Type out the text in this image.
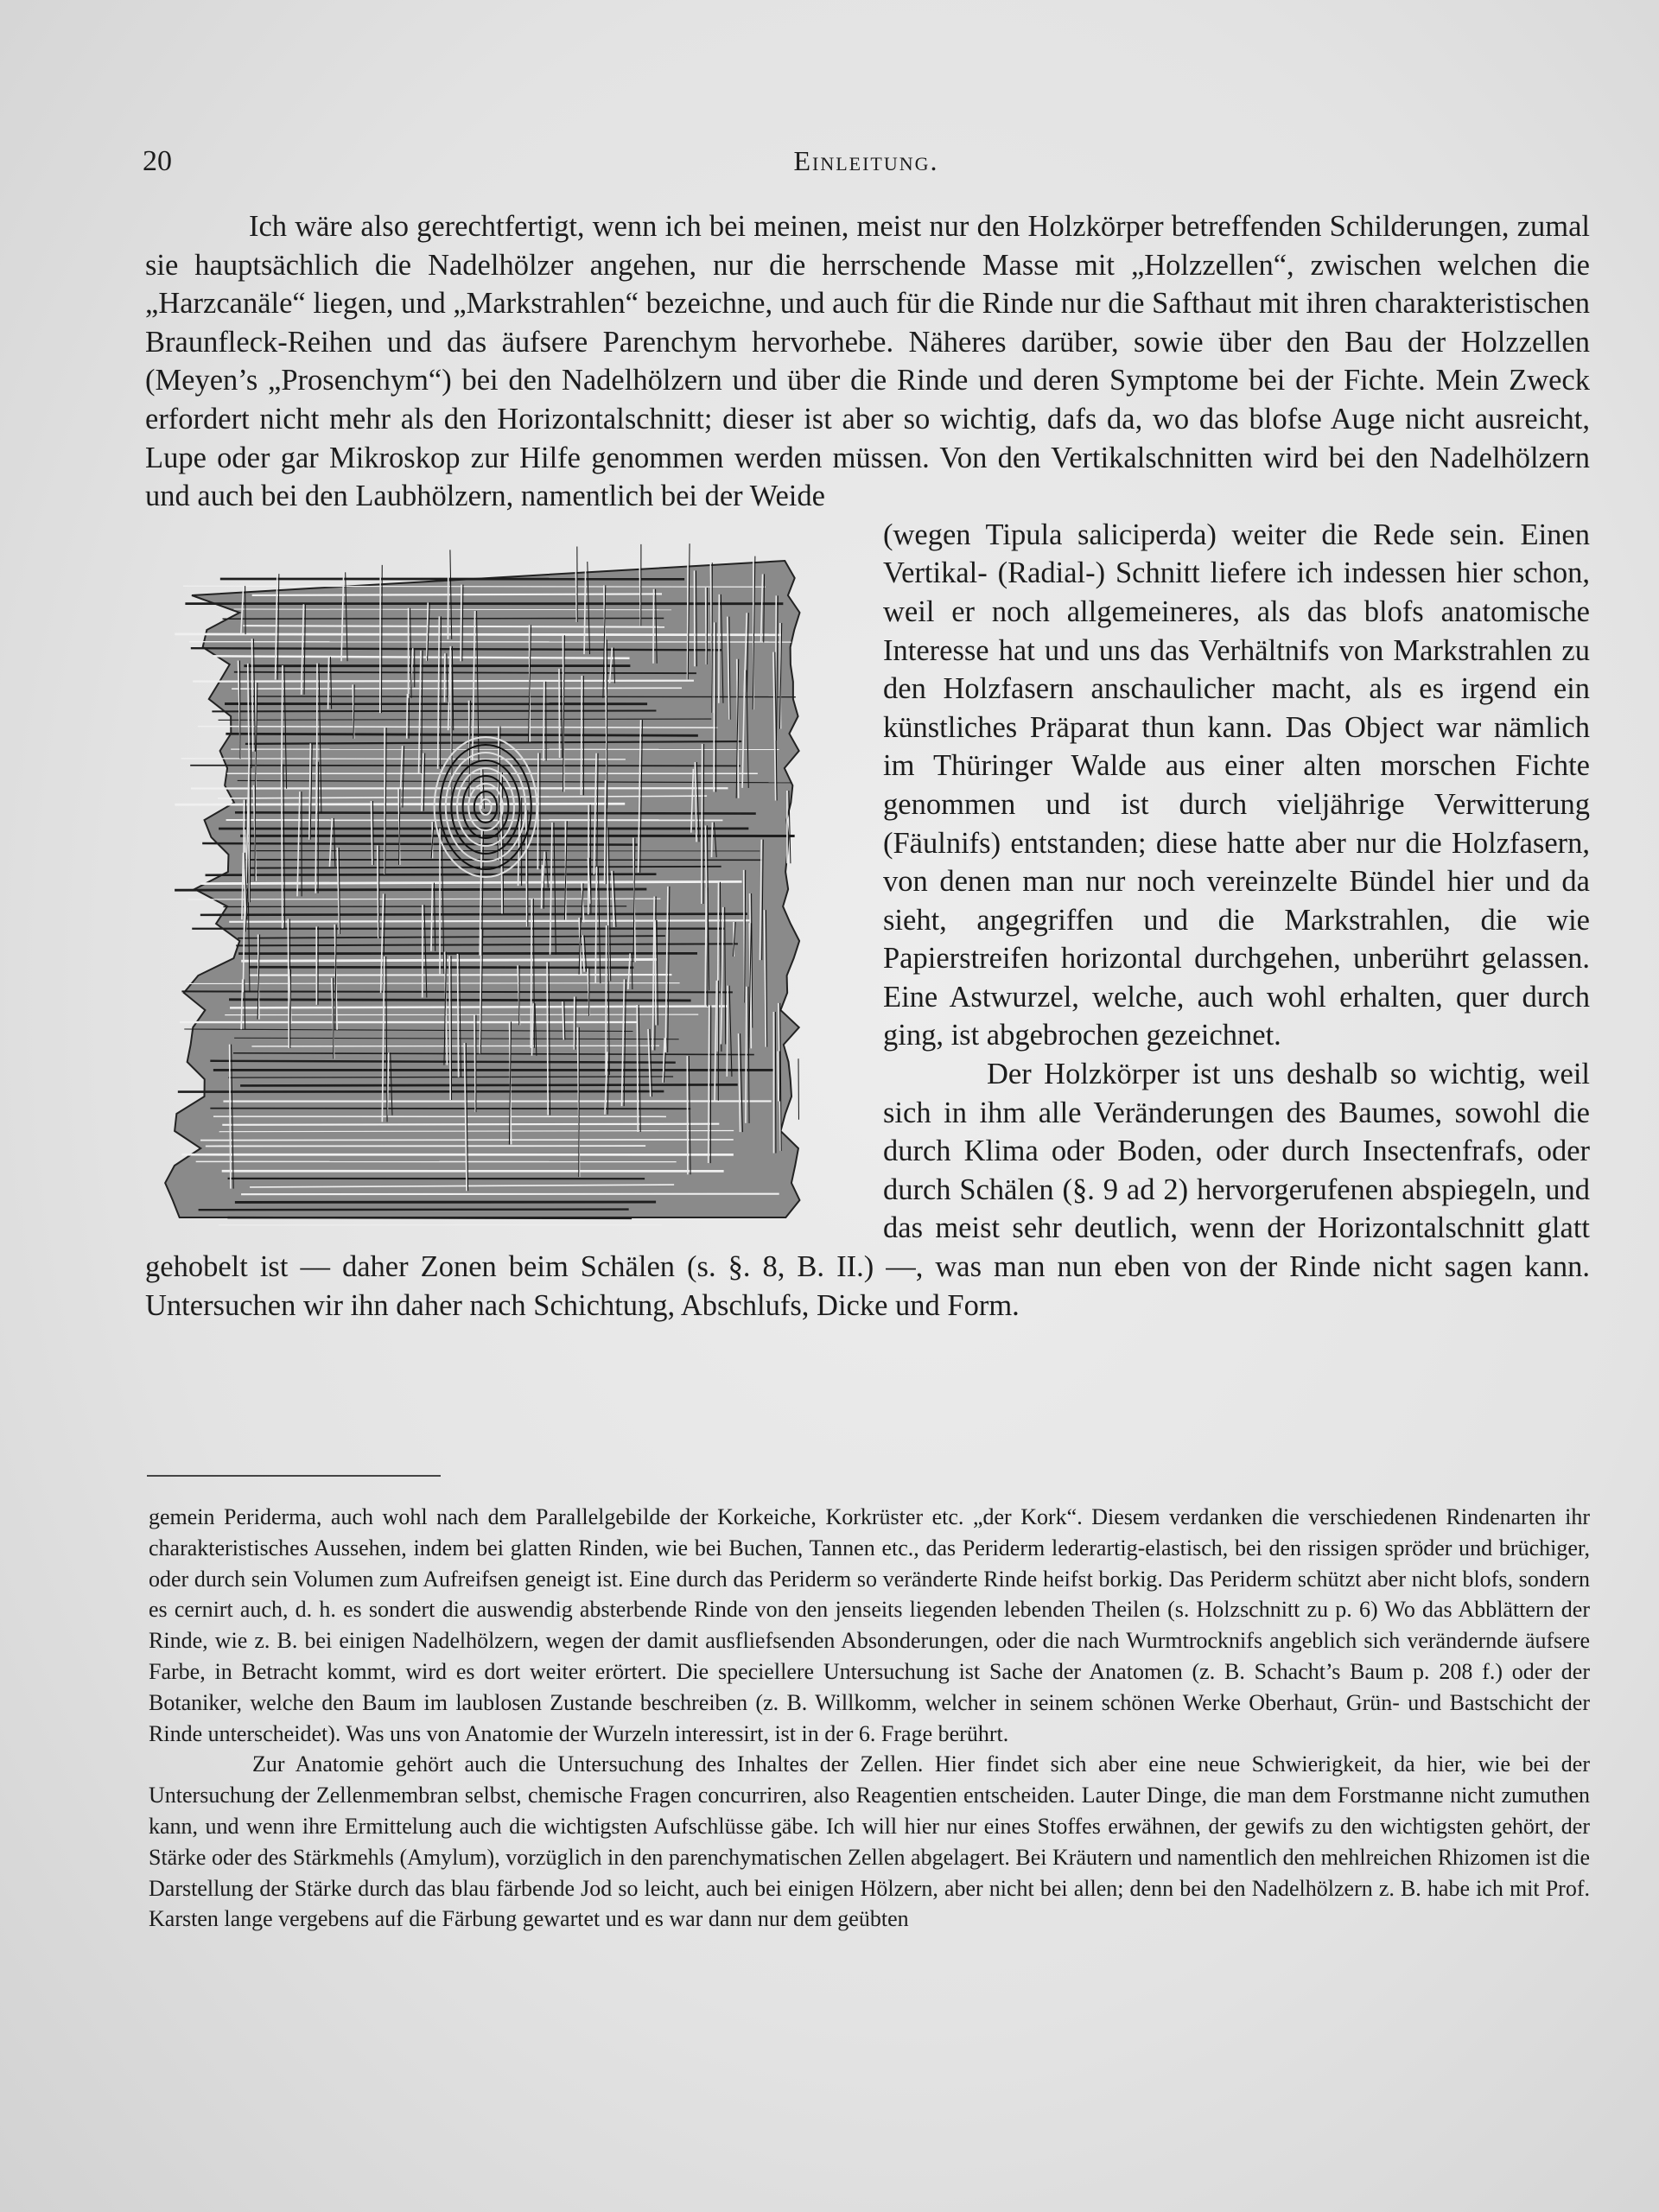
20	Einleitung.

Ich wäre also gerechtfertigt, wenn ich bei meinen, meist nur den Holzkörper betreffenden Schilderungen, zumal sie hauptsächlich die Nadelhölzer angehen, nur die herrschende Masse mit „Holzzellen“, zwischen welchen die „Harzcanäle“ liegen, und „Markstrahlen“ bezeichne, und auch für die Rinde nur die Safthaut mit ihren charakteristischen Braunfleck-Reihen und das äufsere Parenchym hervorhebe. Näheres darüber, sowie über den Bau der Holzzellen (Meyen’s „Prosenchym“) bei den Nadelhölzern und über die Rinde und deren Symptome bei der Fichte. Mein Zweck erfordert nicht mehr als den Horizontalschnitt; dieser ist aber so wichtig, dafs da, wo das blofse Auge nicht ausreicht, Lupe oder gar Mikroskop zur Hilfe genommen werden müssen. Von den Vertikalschnitten wird bei den Nadelhölzern und auch bei den Laubhölzern, namentlich bei der Weide

(wegen Tipula saliciperda) weiter die Rede sein. Einen Vertikal- (Radial-) Schnitt liefere ich indessen hier schon, weil er noch allgemeineres, als das blofs anatomische Interesse hat und uns das Verhältnifs von Markstrahlen zu den Holzfasern anschaulicher macht, als es irgend ein künstliches Präparat thun kann. Das Object war nämlich im Thüringer Walde aus einer alten morschen Fichte genommen und ist durch vieljährige Verwitterung (Fäulnifs) entstanden; diese hatte aber nur die Holzfasern, von denen man nur noch vereinzelte Bündel hier und da sieht, angegriffen und die Markstrahlen, die wie Papierstreifen horizontal durchgehen, unberührt gelassen. Eine Astwurzel, welche, auch wohl erhalten, quer durch ging, ist abgebrochen gezeichnet.

Der Holzkörper ist uns deshalb so wichtig, weil sich in ihm alle Veränderungen des Baumes, sowohl die durch Klima oder Boden, oder durch Insectenfrafs, oder durch Schälen (§. 9 ad 2) hervorgerufenen abspiegeln, und das meist sehr deutlich, wenn der Horizontalschnitt glatt gehobelt ist — daher Zonen beim Schälen (s. §. 8, B. II.) —, was man nun eben von der Rinde nicht sagen kann. Untersuchen wir ihn daher nach Schichtung, Abschlufs, Dicke und Form.

gemein Periderma, auch wohl nach dem Parallelgebilde der Korkeiche, Korkrüster etc. „der Kork“. Diesem verdanken die verschiedenen Rindenarten ihr charakteristisches Aussehen, indem bei glatten Rinden, wie bei Buchen, Tannen etc., das Periderm lederartig-elastisch, bei den rissigen spröder und brüchiger, oder durch sein Volumen zum Aufreifsen geneigt ist. Eine durch das Periderm so veränderte Rinde heifst borkig. Das Periderm schützt aber nicht blofs, sondern es cernirt auch, d. h. es sondert die auswendig absterbende Rinde von den jenseits liegenden lebenden Theilen (s. Holzschnitt zu p. 6) Wo das Abblättern der Rinde, wie z. B. bei einigen Nadelhölzern, wegen der damit ausfliefsenden Absonderungen, oder die nach Wurmtrocknifs angeblich sich verändernde äufsere Farbe, in Betracht kommt, wird es dort weiter erörtert. Die speciellere Untersuchung ist Sache der Anatomen (z. B. Schacht’s Baum p. 208 f.) oder der Botaniker, welche den Baum im laublosen Zustande beschreiben (z. B. Willkomm, welcher in seinem schönen Werke Oberhaut, Grün- und Bastschicht der Rinde unterscheidet). Was uns von Anatomie der Wurzeln interessirt, ist in der 6. Frage berührt.

Zur Anatomie gehört auch die Untersuchung des Inhaltes der Zellen. Hier findet sich aber eine neue Schwierigkeit, da hier, wie bei der Untersuchung der Zellenmembran selbst, chemische Fragen concurriren, also Reagentien entscheiden. Lauter Dinge, die man dem Forstmanne nicht zumuthen kann, und wenn ihre Ermittelung auch die wichtigsten Aufschlüsse gäbe. Ich will hier nur eines Stoffes erwähnen, der gewifs zu den wichtigsten gehört, der Stärke oder des Stärkmehls (Amylum), vorzüglich in den parenchymatischen Zellen abgelagert. Bei Kräutern und namentlich den mehlreichen Rhizomen ist die Darstellung der Stärke durch das blau färbende Jod so leicht, auch bei einigen Hölzern, aber nicht bei allen; denn bei den Nadelhölzern z. B. habe ich mit Prof. Karsten lange vergebens auf die Färbung gewartet und es war dann nur dem geübten
